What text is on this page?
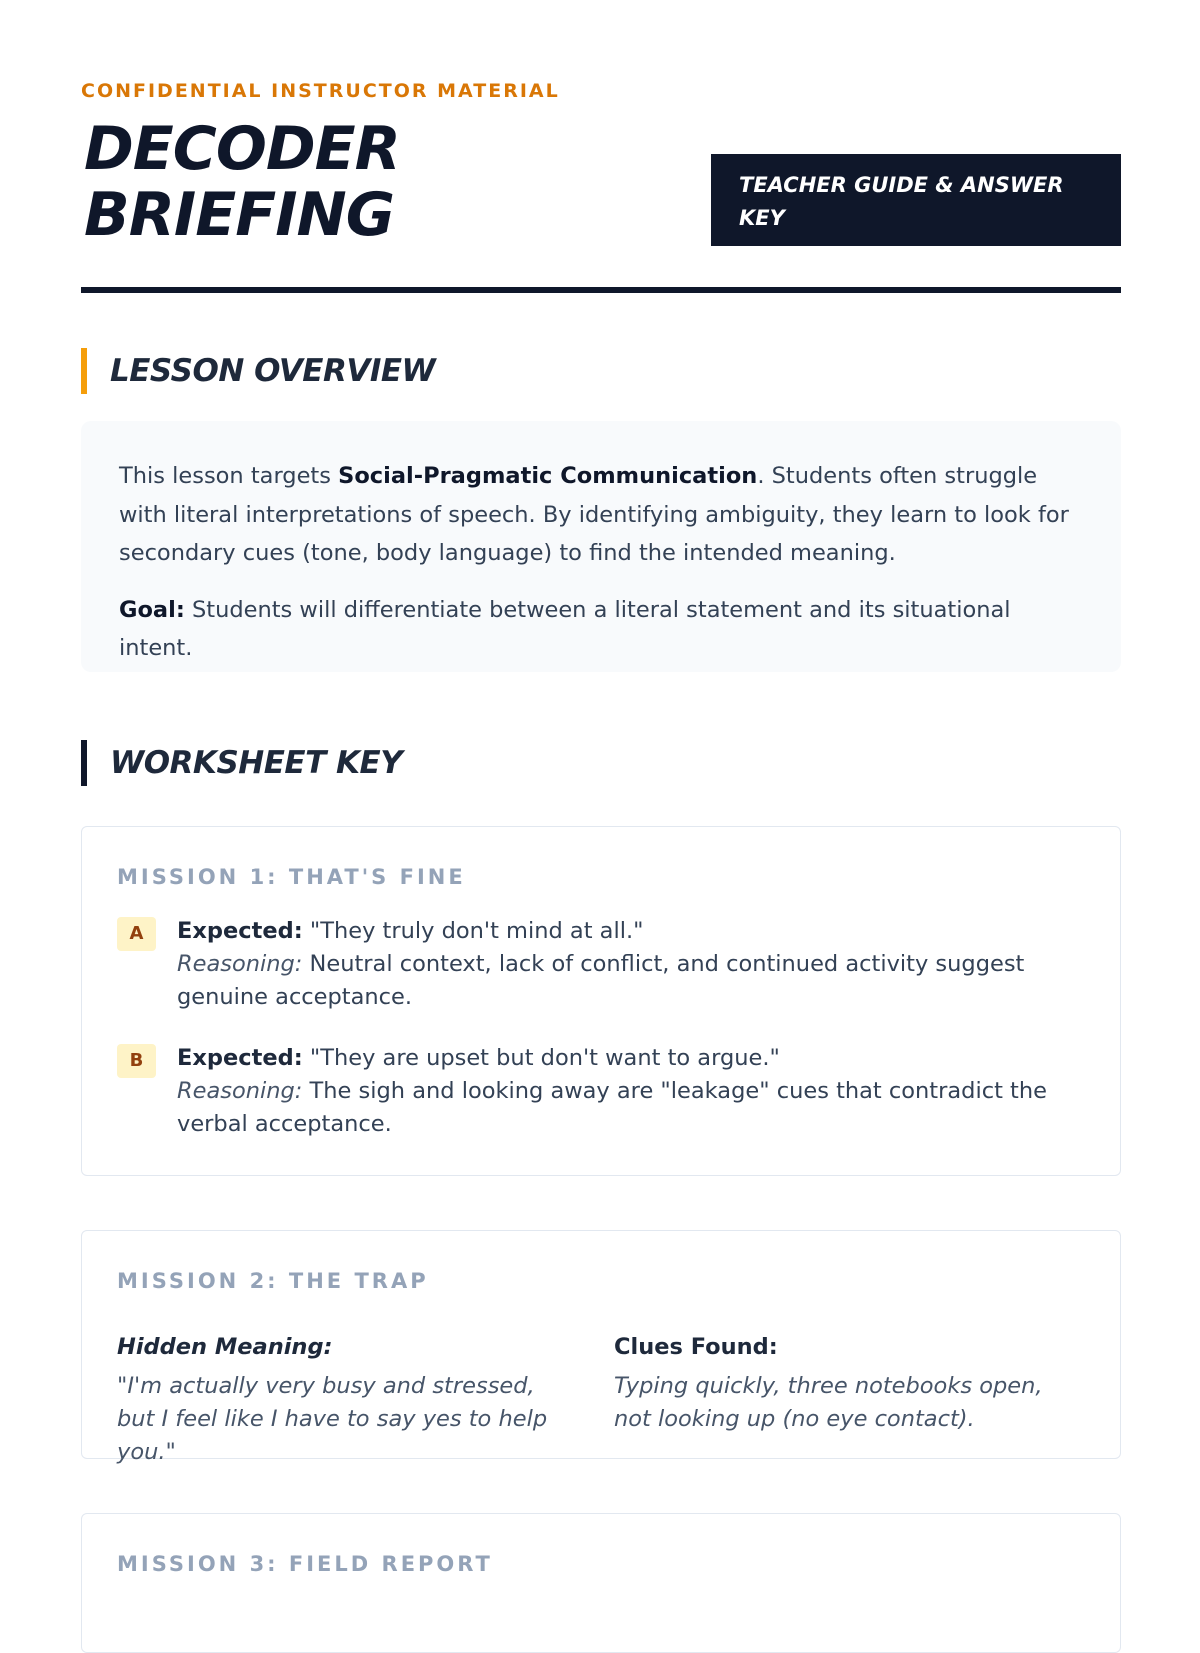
CONFIDENTIAL INSTRUCTOR MATERIAL
DECODER
BRIEFING	TEACHER GUIDE & ANSWER KEY
LESSON OVERVIEW

This lesson targets Social-Pragmatic Communication. Students often struggle with literal interpretations of speech. By identifying ambiguity, they learn to look for secondary cues (tone, body language) to find the intended meaning.

Goal: Students will differentiate between a literal statement and its situational intent.

WORKSHEET KEY
MISSION 1: THAT'S FINE
A	Expected: "They truly don't mind at all."
Reasoning: Neutral context, lack of conflict, and continued activity suggest genuine acceptance.
B	Expected: "They are upset but don't want to argue."
Reasoning: The sigh and looking away are "leakage" cues that contradict the verbal acceptance.
MISSION 2: THE TRAP
Hidden Meaning:
"I'm actually very busy and stressed, but I feel like I have to say yes to help you."
Clues Found:
Typing quickly, three notebooks open, not looking up (no eye contact).
MISSION 3: FIELD REPORT
